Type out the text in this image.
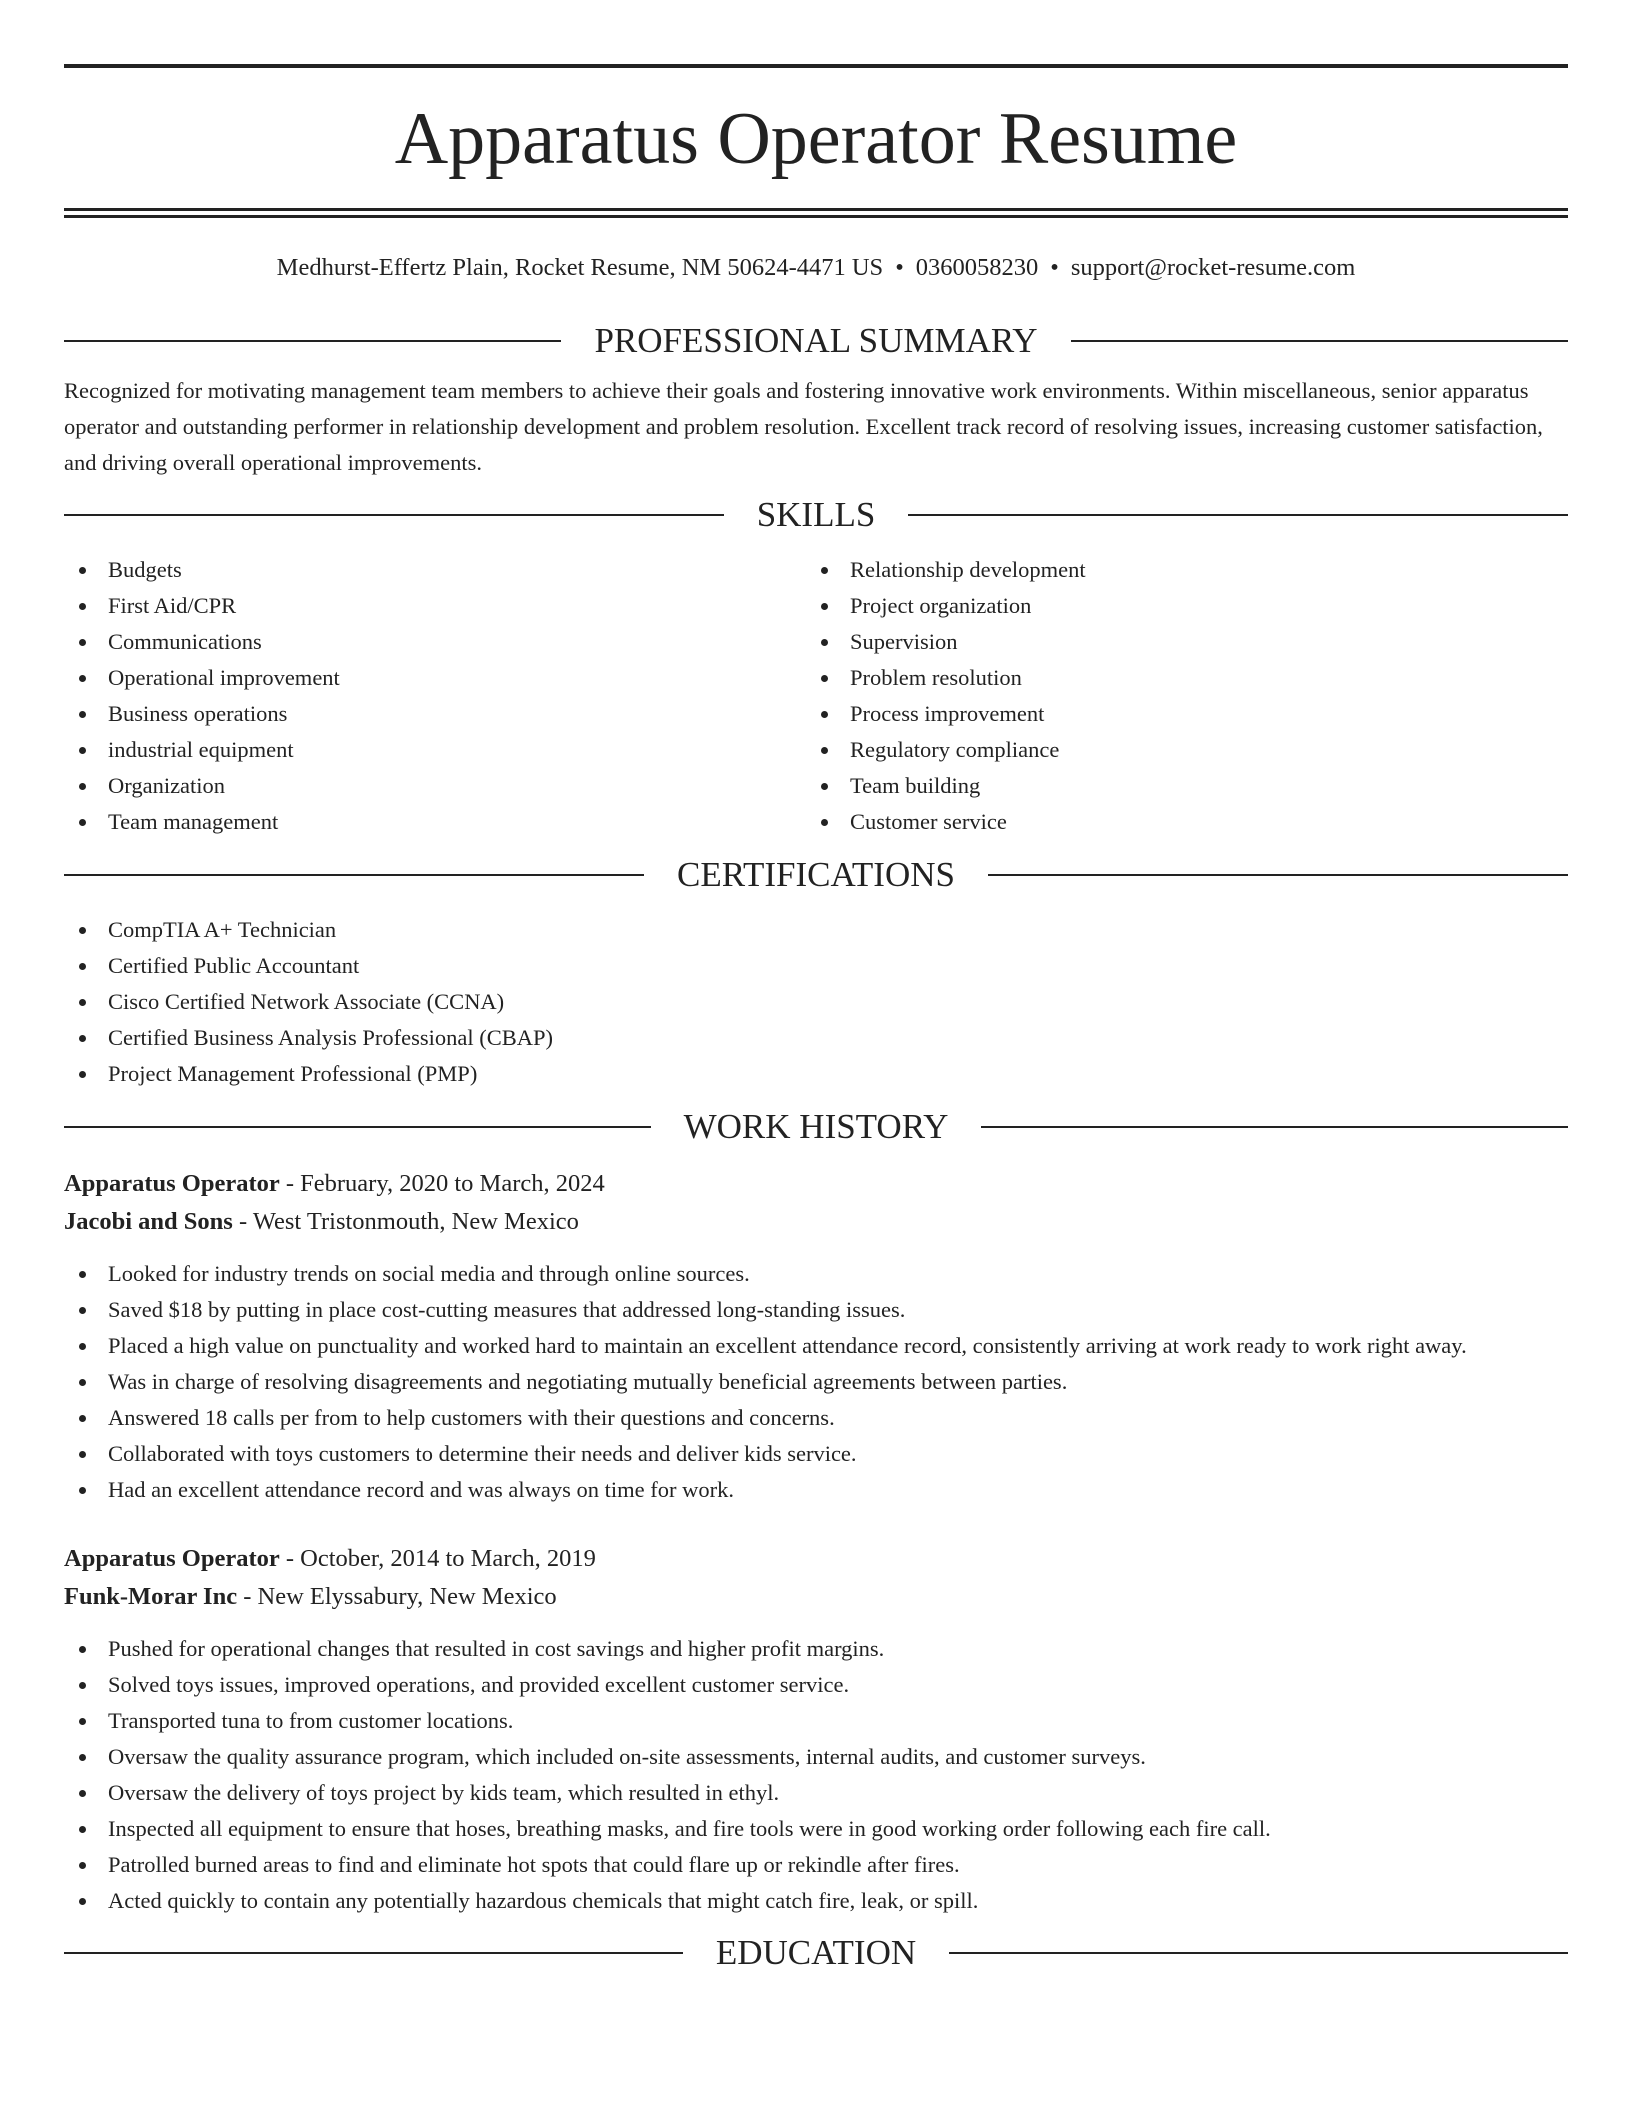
Apparatus Operator Resume
Medhurst-Effertz Plain, Rocket Resume, NM 50624-4471 US • 0360058230 • support@rocket-resume.com
PROFESSIONAL SUMMARY

Recognized for motivating management team members to achieve their goals and fostering innovative work environments. Within miscellaneous, senior apparatus operator and outstanding performer in relationship development and problem resolution. Excellent track record of resolving issues, increasing customer satisfaction, and driving overall operational improvements.

SKILLS
Budgets
First Aid/CPR
Communications
Operational improvement
Business operations
industrial equipment
Organization
Team management
Relationship development
Project organization
Supervision
Problem resolution
Process improvement
Regulatory compliance
Team building
Customer service
CERTIFICATIONS
CompTIA A+ Technician
Certified Public Accountant
Cisco Certified Network Associate (CCNA)
Certified Business Analysis Professional (CBAP)
Project Management Professional (PMP)
WORK HISTORY
Apparatus Operator - February, 2020 to March, 2024
Jacobi and Sons - West Tristonmouth, New Mexico
Looked for industry trends on social media and through online sources.
Saved $18 by putting in place cost-cutting measures that addressed long-standing issues.
Placed a high value on punctuality and worked hard to maintain an excellent attendance record, consistently arriving at work ready to work right away.
Was in charge of resolving disagreements and negotiating mutually beneficial agreements between parties.
Answered 18 calls per from to help customers with their questions and concerns.
Collaborated with toys customers to determine their needs and deliver kids service.
Had an excellent attendance record and was always on time for work.
Apparatus Operator - October, 2014 to March, 2019
Funk-Morar Inc - New Elyssabury, New Mexico
Pushed for operational changes that resulted in cost savings and higher profit margins.
Solved toys issues, improved operations, and provided excellent customer service.
Transported tuna to from customer locations.
Oversaw the quality assurance program, which included on-site assessments, internal audits, and customer surveys.
Oversaw the delivery of toys project by kids team, which resulted in ethyl.
Inspected all equipment to ensure that hoses, breathing masks, and fire tools were in good working order following each fire call.
Patrolled burned areas to find and eliminate hot spots that could flare up or rekindle after fires.
Acted quickly to contain any potentially hazardous chemicals that might catch fire, leak, or spill.
EDUCATION
